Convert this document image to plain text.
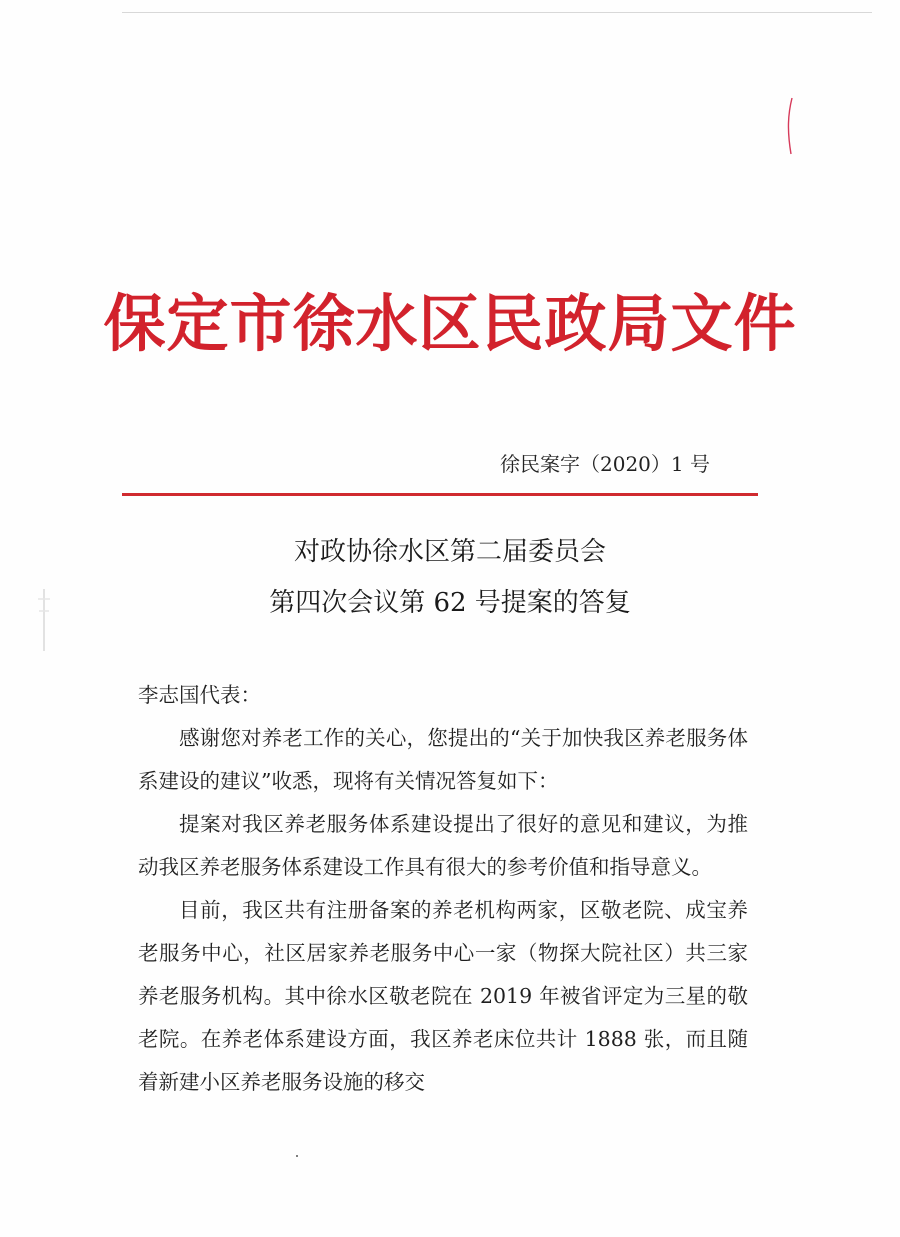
保定市徐水区民政局文件
徐民案字（2020）1 号
对政协徐水区第二届委员会
第四次会议第 62 号提案的答复

李志国代表：

感谢您对养老工作的关心，您提出的“关于加快我区养老服务体系建设的建议”收悉，现将有关情况答复如下：

提案对我区养老服务体系建设提出了很好的意见和建议，为推动我区养老服务体系建设工作具有很大的参考价值和指导意义。

目前，我区共有注册备案的养老机构两家，区敬老院、成宝养老服务中心，社区居家养老服务中心一家（物探大院社区）共三家养老服务机构。其中徐水区敬老院在 2019 年被省评定为三星的敬老院。在养老体系建设方面，我区养老床位共计 1888 张，而且随着新建小区养老服务设施的移交
